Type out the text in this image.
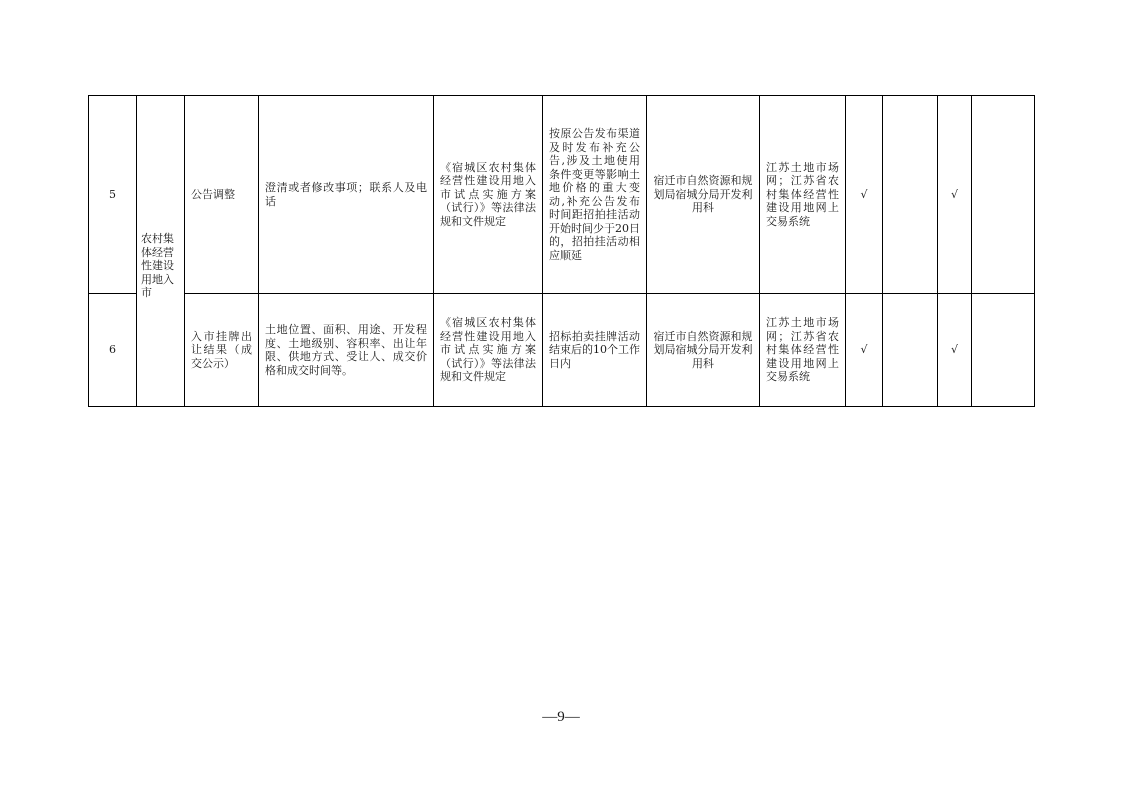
5	农村集体经营性建设用地入市	公告调整	澄清或者修改事项；联系人及电话	《宿城区农村集体经营性建设用地入市试点实施方案（试行）》等法律法规和文件规定	按原公告发布渠道及时发布补充公告,涉及土地使用条件变更等影响土地价格的重大变动,补充公告发布时间距招拍挂活动开始时间少于20日的，招拍挂活动相应顺延	宿迁市自然资源和规划局宿城分局开发利用科	江苏土地市场网；江苏省农村集体经营性建设用地网上交易系统	√		√	
6		入市挂牌出让结果（成交公示）	土地位置、面积、用途、开发程度、土地级别、容积率、出让年限、供地方式、受让人、成交价格和成交时间等。	《宿城区农村集体经营性建设用地入市试点实施方案（试行）》等法律法规和文件规定	招标拍卖挂牌活动结束后的10个工作日内	宿迁市自然资源和规划局宿城分局开发利用科	江苏土地市场网；江苏省农村集体经营性建设用地网上交易系统	√		√	
—9—
